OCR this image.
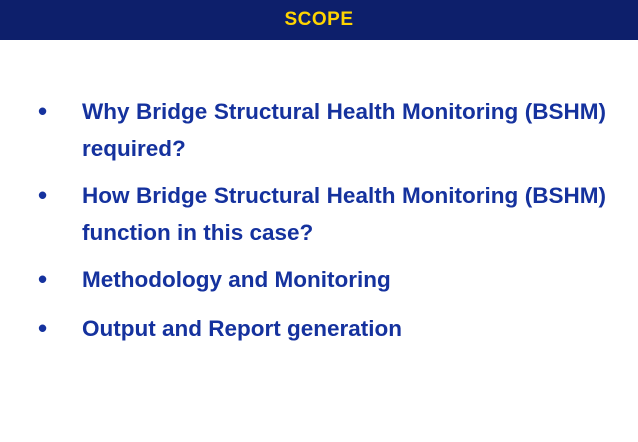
SCOPE
•	Why Bridge Structural Health Monitoring (BSHM) required?
•	How Bridge Structural Health Monitoring (BSHM) function in this case?
•	Methodology and Monitoring
•	Output and Report generation
